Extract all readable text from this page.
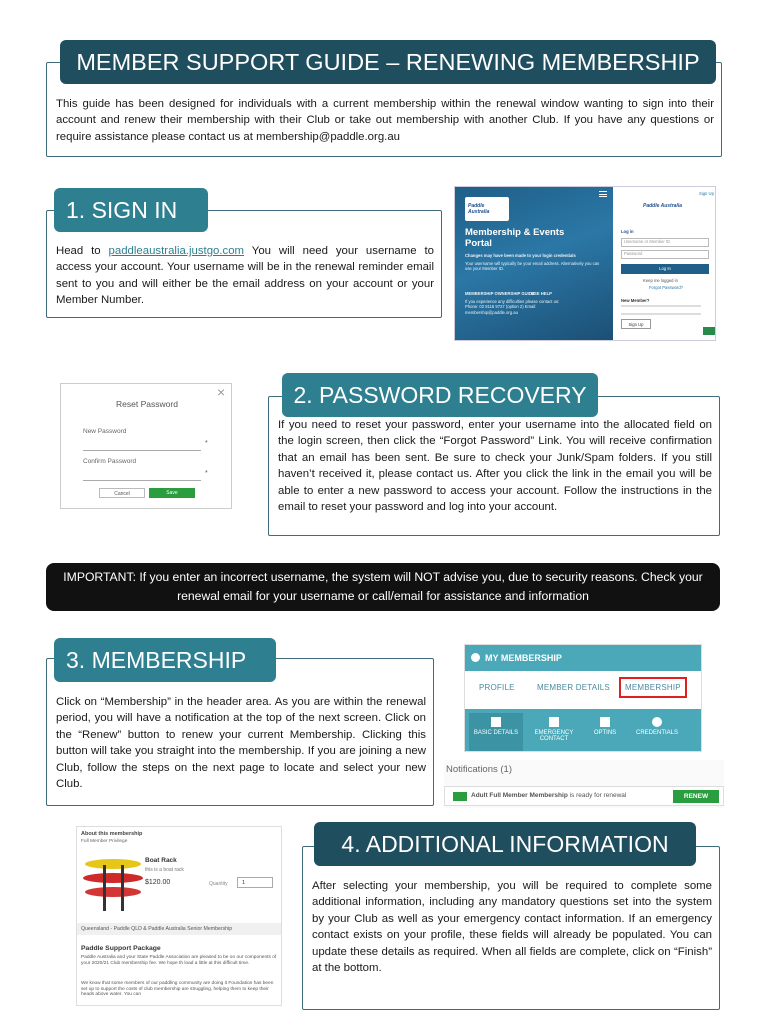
MEMBER SUPPORT GUIDE – RENEWING MEMBERSHIP

This guide has been designed for individuals with a current membership within the renewal window wanting to sign into their account and renew their membership with their Club or take out membership with another Club. If you have any questions or require assistance please contact us at membership@paddle.org.au

1. SIGN IN

Head to paddleaustralia.justgo.com You will need your username to access your account. Your username will be in the renewal reminder email sent to you and will either be the email address on your account or your Member Number.

Paddle Australia
Membership & Events Portal
Changes may have been made to your login credentials
Your username will typically be your email address. Alternatively you can use your Member ID.
MEMBERSHIP OWNERSHIP GUIDE
USE HELP
If you experience any difficulties please contact us: Phone: 02 8116 9727 (option 2) Email: membership@paddle.org.au
Sign Up
Paddle Australia
Log in
Username or Member ID
Password
Log In
Keep me logged in
Forgot Password?
New Member?
Sign Up
×
Reset Password
New Password
*
Confirm Password
*
Cancel	Save
2. PASSWORD RECOVERY

If you need to reset your password, enter your username into the allocated field on the login screen, then click the “Forgot Password” Link. You will receive confirmation that an email has been sent. Be sure to check your Junk/Spam folders. If you still haven’t received it, please contact us. After you click the link in the email you will be able to enter a new password to access your account. Follow the instructions in the email to reset your password and log into your account.

IMPORTANT: If you enter an incorrect username, the system will NOT advise you, due to security reasons. Check your renewal email for your username or call/email for assistance and information
3. MEMBERSHIP

Click on “Membership” in the header area. As you are within the renewal period, you will have a notification at the top of the next screen. Click on the “Renew” button to renew your current Membership. Clicking this button will take you straight into the membership. If you are joining a new Club, follow the steps on the next page to locate and select your new Club.

MY MEMBERSHIP
PROFILE	MEMBER DETAILS	MEMBERSHIP
BASIC DETAILS	EMERGENCY CONTACT
OPTINS	CREDENTIALS
Notifications (1)
Adult Full Member Membership is ready for renewal	RENEW
About this membership
Full Member Privilege
Boat Rack
this is a boat rack
$120.00	Quantity	1
Queensland - Paddle QLD & Paddle Australia Senior Membership
Paddle Support Package
Paddle Australia and your State Paddle Association are pleased to be on our components of your 2020/21 Club membership fee. We hope th load a little at this difficult time.
We know that some members of our paddling community are doing it Foundation has been set up to support the costs of club membership are struggling, helping them to keep their heads above water. You can
4. ADDITIONAL INFORMATION

After selecting your membership, you will be required to complete some additional information, including any mandatory questions set into the system by your Club as well as your emergency contact information. If an emergency contact exists on your profile, these fields will already be populated. You can update these details as required. When all fields are complete, click on “Finish” at the bottom.
